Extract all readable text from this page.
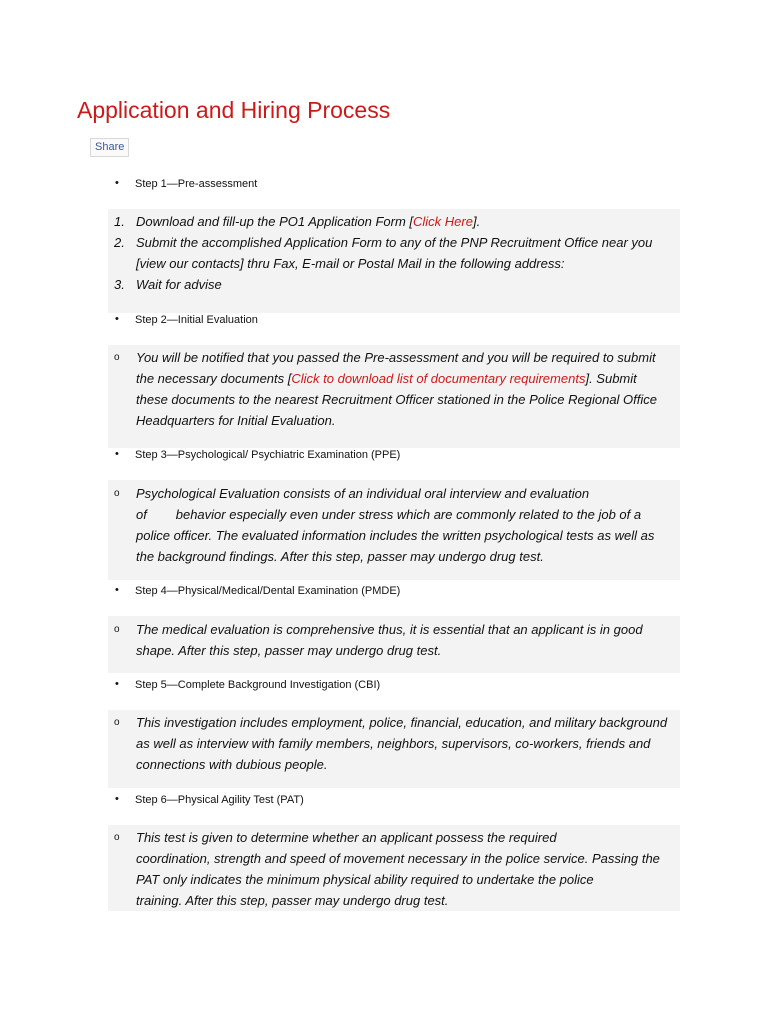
Application and Hiring Process
Share
• Step 1—Pre-assessment
1. Download and fill-up the PO1 Application Form [Click Here].
2. Submit the accomplished Application Form to any of the PNP Recruitment Office near you
[view our contacts] thru Fax, E-mail or Postal Mail in the following address:
3. Wait for advise
• Step 2—Initial Evaluation
o You will be notified that you passed the Pre-assessment and you will be required to submit
the necessary documents [Click to download list of documentary requirements]. Submit
these documents to the nearest Recruitment Officer stationed in the Police Regional Office
Headquarters for Initial Evaluation.
• Step 3—Psychological/ Psychiatric Examination (PPE)
o Psychological Evaluation consists of an individual oral interview and evaluation
of        behavior especially even under stress which are commonly related to the job of a
police officer. The evaluated information includes the written psychological tests as well as
the background findings. After this step, passer may undergo drug test.
• Step 4—Physical/Medical/Dental Examination (PMDE)
o The medical evaluation is comprehensive thus, it is essential that an applicant is in good
shape. After this step, passer may undergo drug test.
• Step 5—Complete Background Investigation (CBI)
o This investigation includes employment, police, financial, education, and military background
as well as interview with family members, neighbors, supervisors, co-workers, friends and
connections with dubious people.
• Step 6—Physical Agility Test (PAT)
o This test is given to determine whether an applicant possess the required
coordination, strength and speed of movement necessary in the police service. Passing the
PAT only indicates the minimum physical ability required to undertake the police
training. After this step, passer may undergo drug test.
